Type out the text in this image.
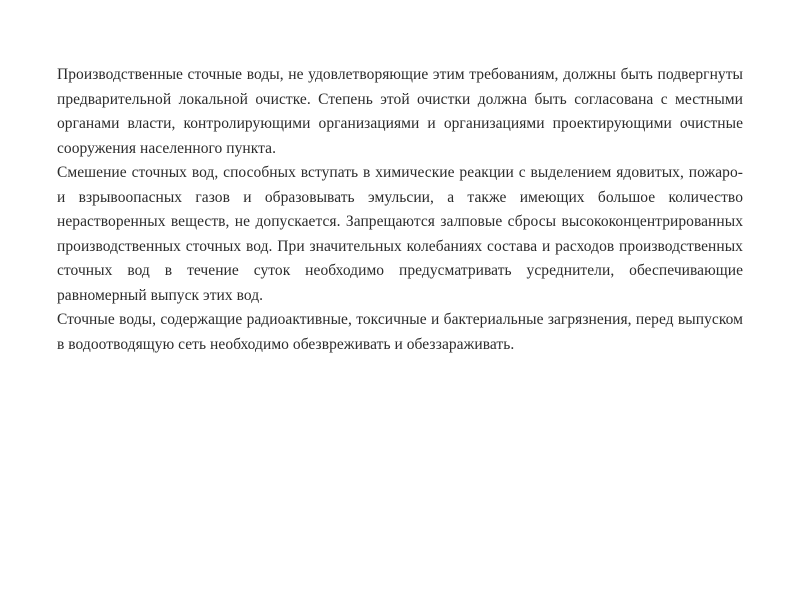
Производственные сточные воды, не удовлетворяющие этим требованиям, должны быть подвергнуты предварительной локальной очистке. Степень этой очистки должна быть согласована с местными органами власти, контролирующими организациями и организациями проектирующими очистные сооружения населенного пункта.

Смешение сточных вод, способных вступать в химические реакции с выделением ядовитых, пожаро- и взрывоопасных газов и образовывать эмульсии, а также имеющих большое количество нерастворенных веществ, не допускается. Запрещаются залповые сбросы высококонцентрированных производственных сточных вод. При значительных колебаниях состава и расходов производственных сточных вод в течение суток необходимо предусматривать усреднители, обеспечивающие равномерный выпуск этих вод.

Сточные воды, содержащие радиоактивные, токсичные и бактериальные загрязнения, перед выпуском в водоотводящую сеть необходимо обезвреживать и обеззараживать.
